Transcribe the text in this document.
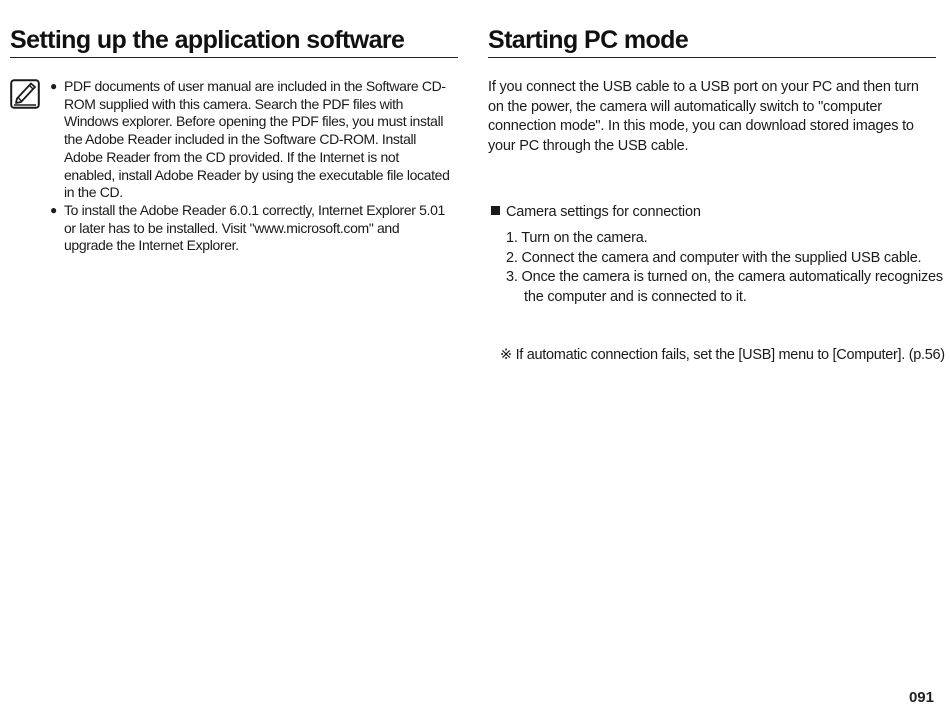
Setting up the application software
● PDF documents of user manual are included in the Software CD-ROM supplied with this camera. Search the PDF files with Windows explorer. Before opening the PDF files, you must install the Adobe Reader included in the Software CD-ROM. Install Adobe Reader from the CD provided. If the Internet is not enabled, install Adobe Reader by using the executable file located in the CD.
● To install the Adobe Reader 6.0.1 correctly, Internet Explorer 5.01 or later has to be installed. Visit "www.microsoft.com" and upgrade the Internet Explorer.
Starting PC mode

If you connect the USB cable to a USB port on your PC and then turn on the power, the camera will automatically switch to "computer connection mode". In this mode, you can download stored images to your PC through the USB cable.

Camera settings for connection

1. Turn on the camera.
2. Connect the camera and computer with the supplied USB cable.
3. Once the camera is turned on, the camera automatically recognizes the computer and is connected to it.

※ If automatic connection fails, set the [USB] menu to [Computer]. (p.56)

091
